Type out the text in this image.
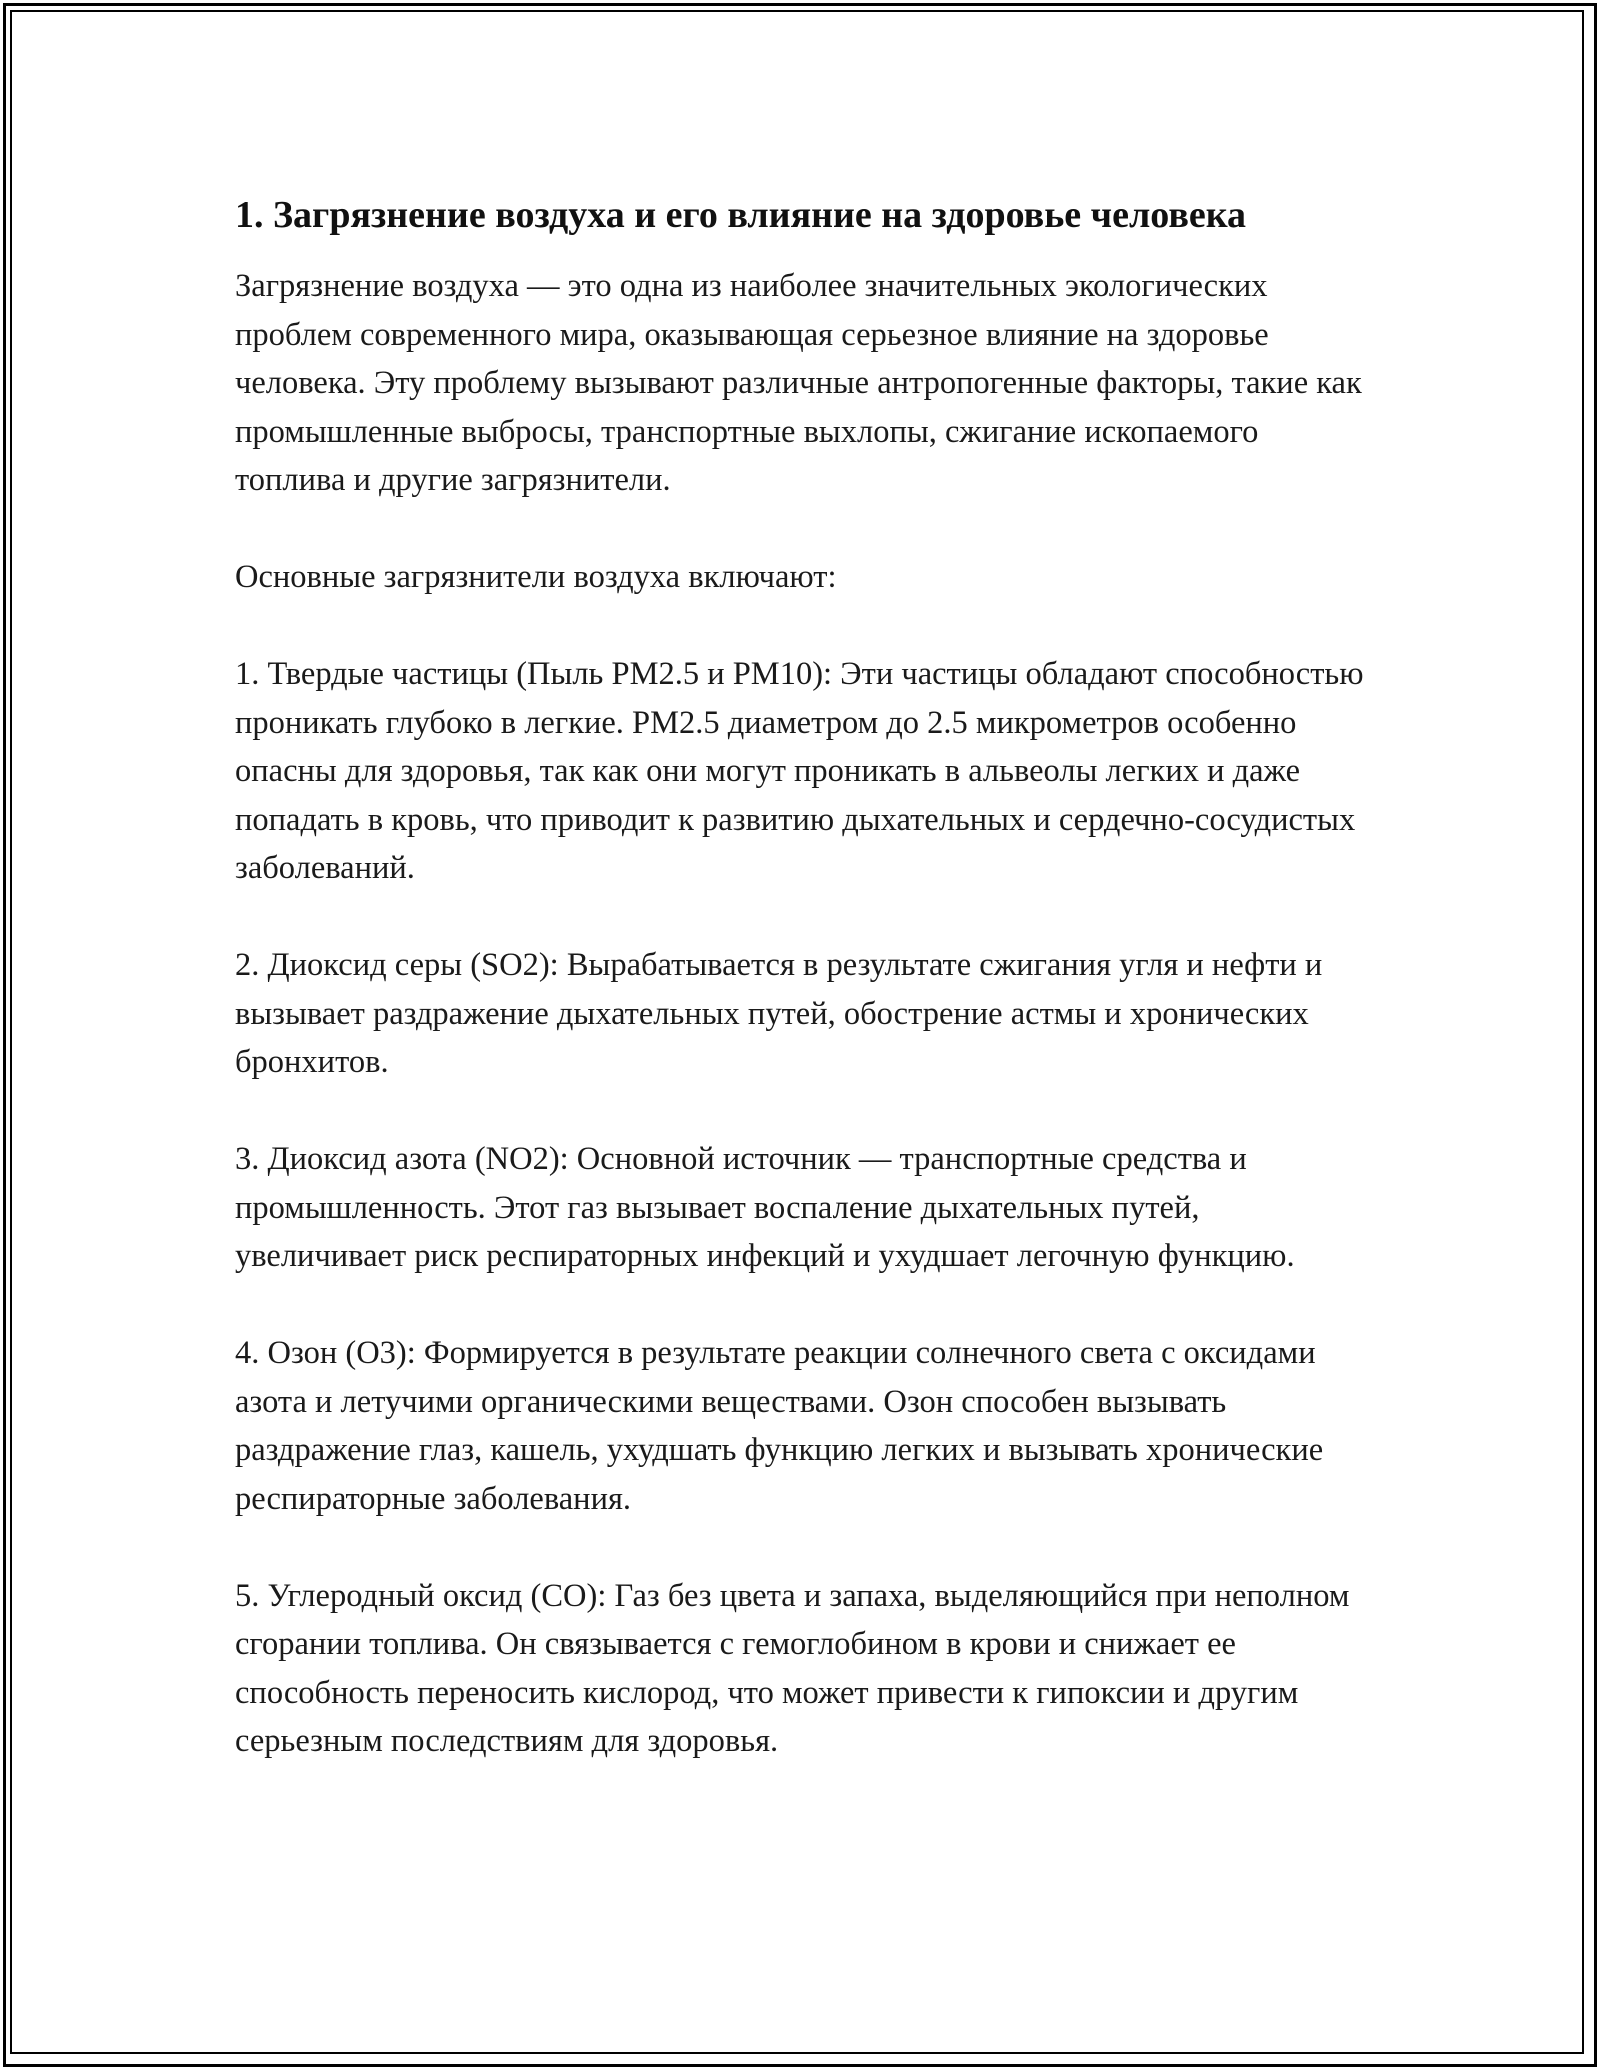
1. Загрязнение воздуха и его влияние на здоровье человека

Загрязнение воздуха — это одна из наиболее значительных экологических проблем современного мира, оказывающая серьезное влияние на здоровье человека. Эту проблему вызывают различные антропогенные факторы, такие как промышленные выбросы, транспортные выхлопы, сжигание ископаемого топлива и другие загрязнители.

Основные загрязнители воздуха включают:

1. Твердые частицы (Пыль PM2.5 и PM10): Эти частицы обладают способностью проникать глубоко в легкие. PM2.5 диаметром до 2.5 микрометров особенно опасны для здоровья, так как они могут проникать в альвеолы легких и даже попадать в кровь, что приводит к развитию дыхательных и сердечно-сосудистых заболеваний.

2. Диоксид серы (SO2): Вырабатывается в результате сжигания угля и нефти и вызывает раздражение дыхательных путей, обострение астмы и хронических бронхитов.

3. Диоксид азота (NO2): Основной источник — транспортные средства и промышленность. Этот газ вызывает воспаление дыхательных путей, увеличивает риск респираторных инфекций и ухудшает легочную функцию.

4. Озон (O3): Формируется в результате реакции солнечного света с оксидами азота и летучими органическими веществами. Озон способен вызывать раздражение глаз, кашель, ухудшать функцию легких и вызывать хронические респираторные заболевания.

5. Углеродный оксид (CO): Газ без цвета и запаха, выделяющийся при неполном сгорании топлива. Он связывается с гемоглобином в крови и снижает ее способность переносить кислород, что может привести к гипоксии и другим серьезным последствиям для здоровья.
